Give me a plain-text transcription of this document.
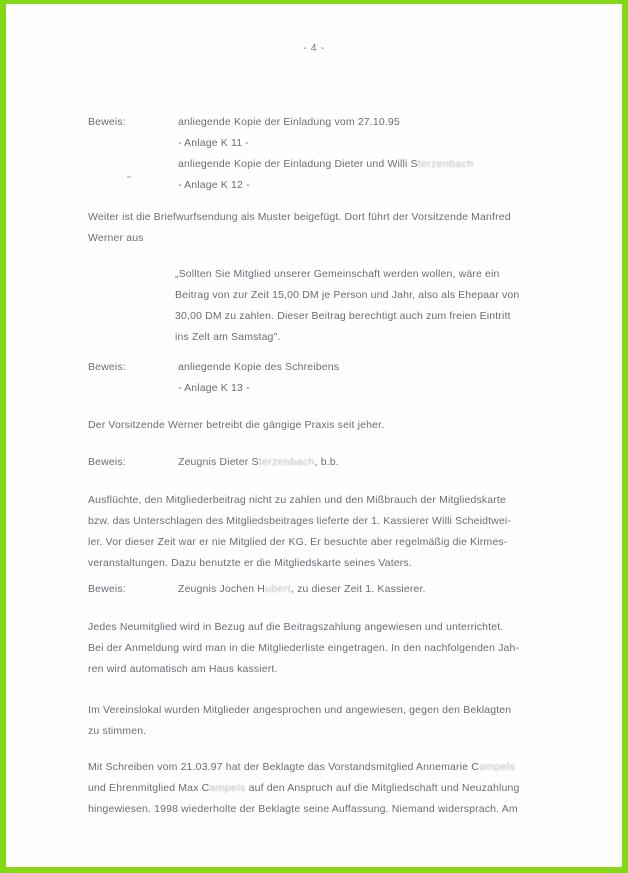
- 4 -
Beweis:	anliegende Kopie der Einladung vom 27.10.95
- Anlage K 11 -
anliegende Kopie der Einladung Dieter und Willi Sterzenbach
- Anlage K 12 -
Weiter ist die Briefwurfsendung als Muster beigefügt. Dort führt der Vorsitzende Manfred
Werner aus
„Sollten Sie Mitglied unserer Gemeinschaft werden wollen, wäre ein
Beitrag von zur Zeit 15,00 DM je Person und Jahr, also als Ehepaar von
30,00 DM zu zahlen. Dieser Beitrag berechtigt auch zum freien Eintritt
ins Zelt am Samstag".
Beweis:	anliegende Kopie des Schreibens
- Anlage K 13 -
Der Vorsitzende Werner betreibt die gängige Praxis seit jeher.
Beweis:	Zeugnis Dieter Sterzenbach, b.b.
Ausflüchte, den Mitgliederbeitrag nicht zu zahlen und den Mißbrauch der Mitgliedskarte
bzw. das Unterschlagen des Mitgliedsbeitrages lieferte der 1. Kassierer Willi Scheidtwei-
ler. Vor dieser Zeit war er nie Mitglied der KG. Er besuchte aber regelmäßig die Kirmes-
veranstaltungen. Dazu benutzte er die Mitgliedskarte seines Vaters.
Beweis:	Zeugnis Jochen Hubert, zu dieser Zeit 1. Kassierer.
Jedes Neumitglied wird in Bezug auf die Beitragszahlung angewiesen und unterrichtet.
Bei der Anmeldung wird man in die Mitgliederliste eingetragen. In den nachfolgenden Jah-
ren wird automatisch am Haus kassiert.
Im Vereinslokal wurden Mitglieder angesprochen und angewiesen, gegen den Beklagten
zu stimmen.
Mit Schreiben vom 21.03.97 hat der Beklagte das Vorstandsmitglied Annemarie Campels
und Ehrenmitglied Max Campels auf den Anspruch auf die Mitgliedschaft und Neuzahlung
hingewiesen. 1998 wiederholte der Beklagte seine Auffassung. Niemand widersprach. Am
